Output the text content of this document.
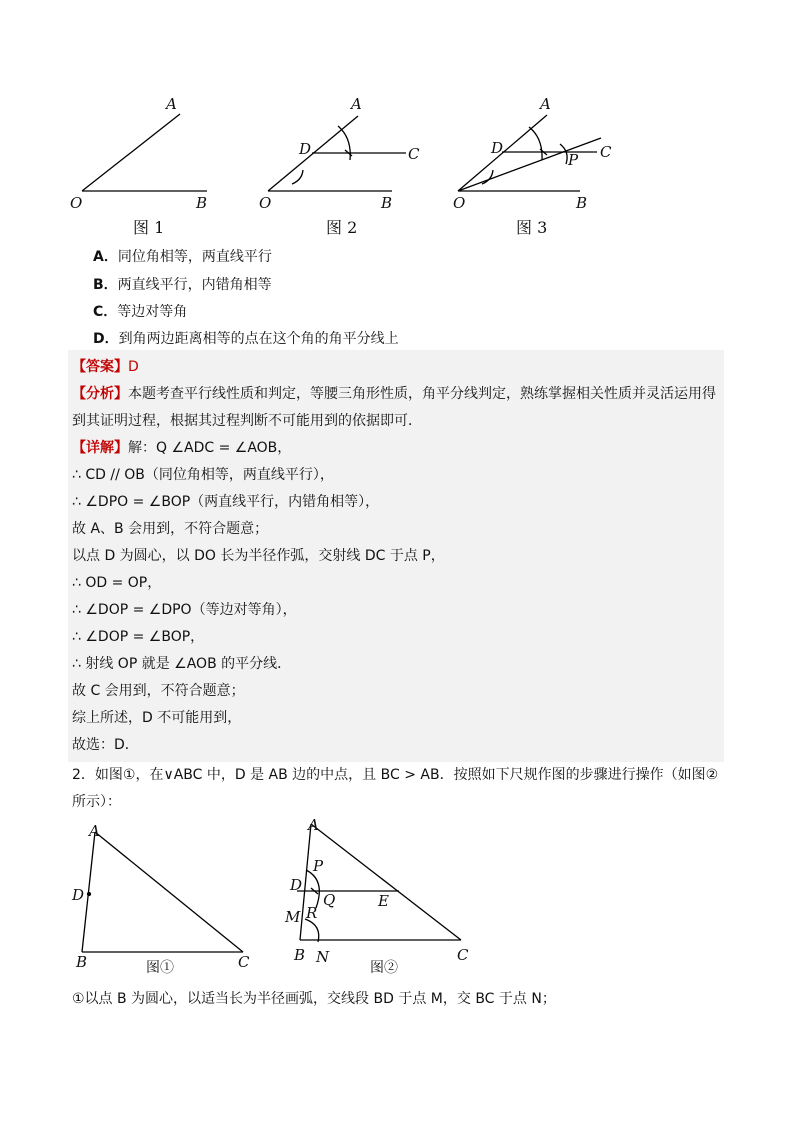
A
O	B
图 1
A
D	C
O	B
图 2
A
D	C
P
O	B
图 3
A．同位角相等，两直线平行
B．两直线平行，内错角相等
C．等边对等角
D．到角两边距离相等的点在这个角的角平分线上
【答案】D
【分析】本题考查平行线性质和判定，等腰三角形性质，角平分线判定，熟练掌握相关性质并灵活运用得
到其证明过程，根据其过程判断不可能用到的依据即可．
【详解】解：Q ∠ADC = ∠AOB，
∴ CD // OB（同位角相等，两直线平行），
∴ ∠DPO = ∠BOP（两直线平行，内错角相等），
故 A、B 会用到，不符合题意；
以点 D 为圆心，以 DO 长为半径作弧，交射线 DC 于点 P，
∴ OD = OP，
∴ ∠DOP = ∠DPO（等边对等角），
∴ ∠DOP = ∠BOP，
∴ 射线 OP 就是 ∠AOB 的平分线．
故 C 会用到，不符合题意；
综上所述，D 不可能用到，
故选：D．
2．如图①，在∨ABC 中，D 是 AB 边的中点，且 BC > AB．按照如下尺规作图的步骤进行操作（如图②
所示）：
A
D
B	C
图①
A
P
D
Q	E
M R
B N	C
图②
①以点 B 为圆心，以适当长为半径画弧，交线段 BD 于点 M，交 BC 于点 N；
